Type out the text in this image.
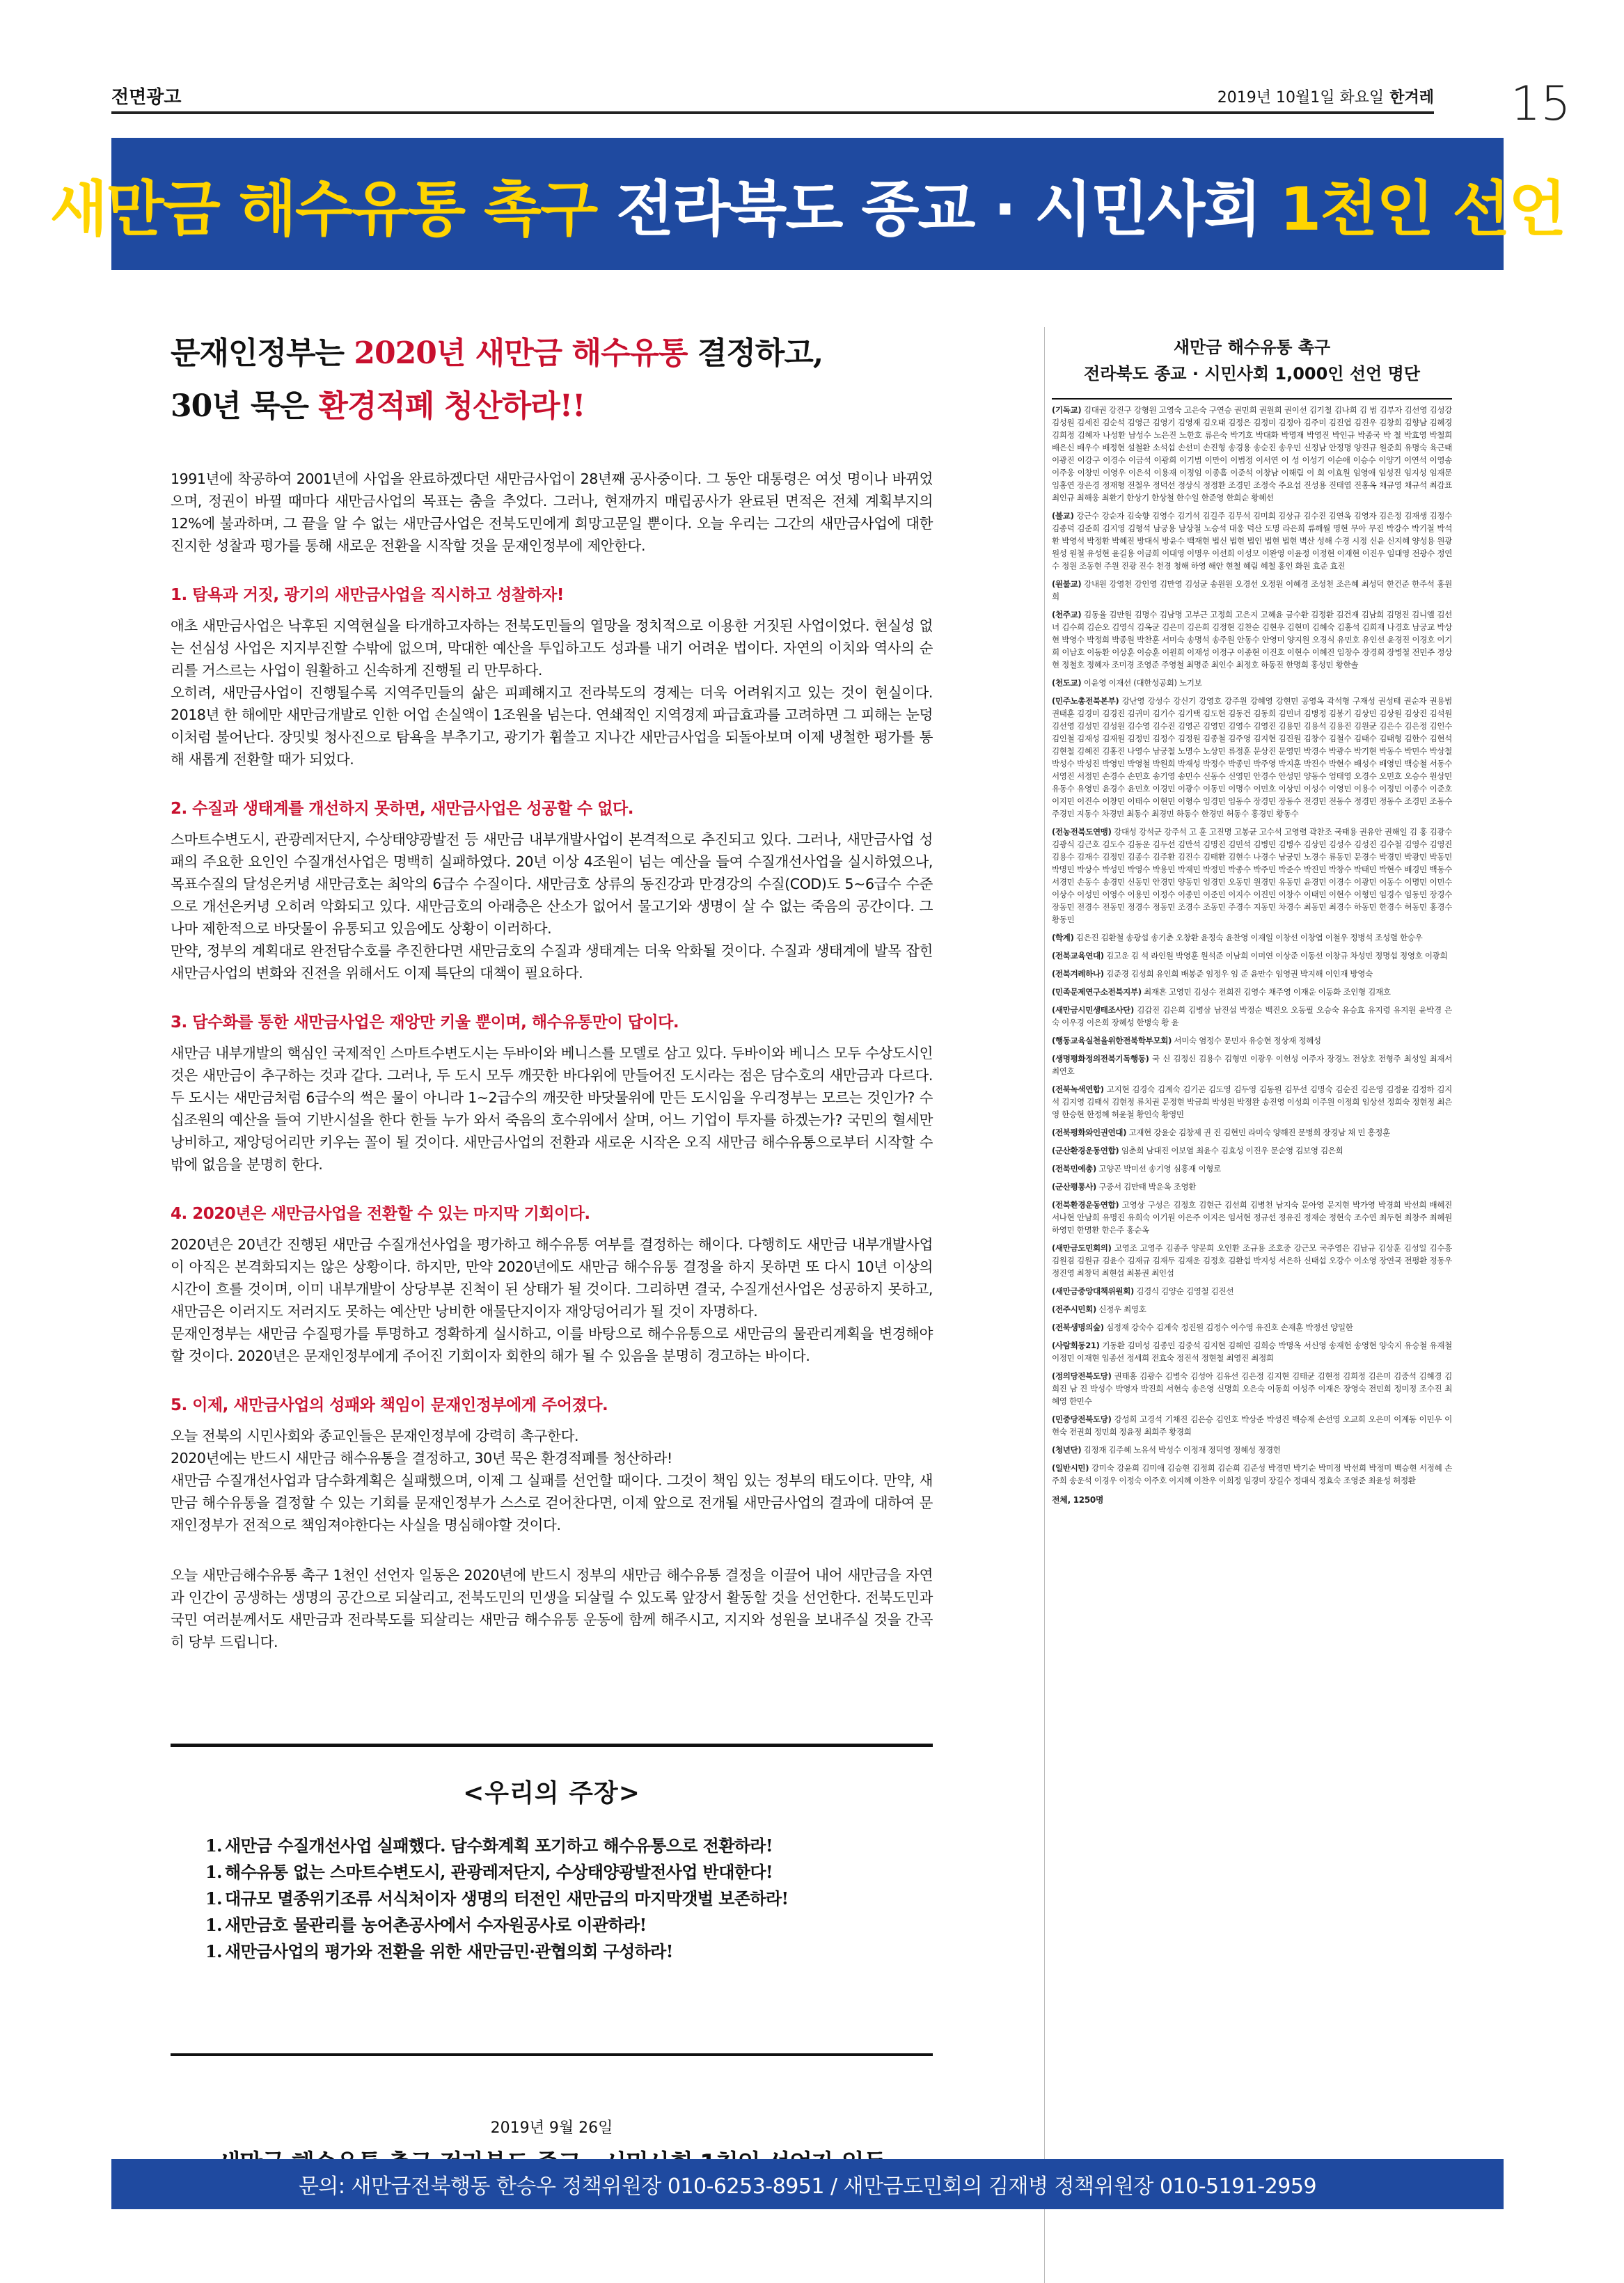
전면광고	2019년 10월1일 화요일 한겨레 15
새만금 해수유통 촉구 전라북도 종교 · 시민사회 1천인 선언
문재인정부는 2020년 새만금 해수유통 결정하고,
30년 묵은 환경적폐 청산하라!!
1991년에 착공하여 2001년에 사업을 완료하겠다던 새만금사업이 28년째 공사중이다. 그 동안 대통령은 여섯 명이나 바뀌었으며, 정권이 바뀔 때마다 새만금사업의 목표는 춤을 추었다. 그러나, 현재까지 매립공사가 완료된 면적은 전체 계획부지의 12%에 불과하며, 그 끝을 알 수 없는 새만금사업은 전북도민에게 희망고문일 뿐이다. 오늘 우리는 그간의 새만금사업에 대한 진지한 성찰과 평가를 통해 새로운 전환을 시작할 것을 문재인정부에 제안한다.
1. 탐욕과 거짓, 광기의 새만금사업을 직시하고 성찰하자!

애초 새만금사업은 낙후된 지역현실을 타개하고자하는 전북도민들의 열망을 정치적으로 이용한 거짓된 사업이었다. 현실성 없는 선심성 사업은 지지부진할 수밖에 없으며, 막대한 예산을 투입하고도 성과를 내기 어려운 법이다. 자연의 이치와 역사의 순리를 거스르는 사업이 원활하고 신속하게 진행될 리 만무하다.

오히려, 새만금사업이 진행될수록 지역주민들의 삶은 피폐해지고 전라북도의 경제는 더욱 어려워지고 있는 것이 현실이다. 2018년 한 해에만 새만금개발로 인한 어업 손실액이 1조원을 넘는다. 연쇄적인 지역경제 파급효과를 고려하면 그 피해는 눈덩이처럼 불어난다. 장밋빛 청사진으로 탐욕을 부추기고, 광기가 휩쓸고 지나간 새만금사업을 되돌아보며 이제 냉철한 평가를 통해 새롭게 전환할 때가 되었다.

2. 수질과 생태계를 개선하지 못하면, 새만금사업은 성공할 수 없다.

스마트수변도시, 관광레저단지, 수상태양광발전 등 새만금 내부개발사업이 본격적으로 추진되고 있다. 그러나, 새만금사업 성패의 주요한 요인인 수질개선사업은 명백히 실패하였다. 20년 이상 4조원이 넘는 예산을 들여 수질개선사업을 실시하였으나, 목표수질의 달성은커녕 새만금호는 최악의 6급수 수질이다. 새만금호 상류의 동진강과 만경강의 수질(COD)도 5~6급수 수준으로 개선은커녕 오히려 악화되고 있다. 새만금호의 아래층은 산소가 없어서 물고기와 생명이 살 수 없는 죽음의 공간이다. 그나마 제한적으로 바닷물이 유통되고 있음에도 상황이 이러하다.

만약, 정부의 계획대로 완전담수호를 추진한다면 새만금호의 수질과 생태계는 더욱 악화될 것이다. 수질과 생태계에 발목 잡힌 새만금사업의 변화와 진전을 위해서도 이제 특단의 대책이 필요하다.

3. 담수화를 통한 새만금사업은 재앙만 키울 뿐이며, 해수유통만이 답이다.

새만금 내부개발의 핵심인 국제적인 스마트수변도시는 두바이와 베니스를 모델로 삼고 있다. 두바이와 베니스 모두 수상도시인 것은 새만금이 추구하는 것과 같다. 그러나, 두 도시 모두 깨끗한 바다위에 만들어진 도시라는 점은 담수호의 새만금과 다르다. 두 도시는 새만금처럼 6급수의 썩은 물이 아니라 1~2급수의 깨끗한 바닷물위에 만든 도시임을 우리정부는 모르는 것인가? 수십조원의 예산을 들여 기반시설을 한다 한들 누가 와서 죽음의 호수위에서 살며, 어느 기업이 투자를 하겠는가? 국민의 혈세만 낭비하고, 재앙덩어리만 키우는 꼴이 될 것이다. 새만금사업의 전환과 새로운 시작은 오직 새만금 해수유통으로부터 시작할 수밖에 없음을 분명히 한다.

4. 2020년은 새만금사업을 전환할 수 있는 마지막 기회이다.

2020년은 20년간 진행된 새만금 수질개선사업을 평가하고 해수유통 여부를 결정하는 해이다. 다행히도 새만금 내부개발사업이 아직은 본격화되지는 않은 상황이다. 하지만, 만약 2020년에도 새만금 해수유통 결정을 하지 못하면 또 다시 10년 이상의 시간이 흐를 것이며, 이미 내부개발이 상당부분 진척이 된 상태가 될 것이다. 그리하면 결국, 수질개선사업은 성공하지 못하고, 새만금은 이러지도 저러지도 못하는 예산만 낭비한 애물단지이자 재앙덩어리가 될 것이 자명하다.

문재인정부는 새만금 수질평가를 투명하고 정확하게 실시하고, 이를 바탕으로 해수유통으로 새만금의 물관리계획을 변경해야 할 것이다. 2020년은 문재인정부에게 주어진 기회이자 회한의 해가 될 수 있음을 분명히 경고하는 바이다.

5. 이제, 새만금사업의 성패와 책임이 문재인정부에게 주어졌다.

오늘 전북의 시민사회와 종교인들은 문재인정부에 강력히 촉구한다.

2020년에는 반드시 새만금 해수유통을 결정하고, 30년 묵은 환경적폐를 청산하라!

새만금 수질개선사업과 담수화계획은 실패했으며, 이제 그 실패를 선언할 때이다. 그것이 책임 있는 정부의 태도이다. 만약, 새만금 해수유통을 결정할 수 있는 기회를 문재인정부가 스스로 걷어찬다면, 이제 앞으로 전개될 새만금사업의 결과에 대하여 문재인정부가 전적으로 책임져야한다는 사실을 명심해야할 것이다.

오늘 새만금해수유통 촉구 1천인 선언자 일동은 2020년에 반드시 정부의 새만금 해수유통 결정을 이끌어 내어 새만금을 자연과 인간이 공생하는 생명의 공간으로 되살리고, 전북도민의 민생을 되살릴 수 있도록 앞장서 활동할 것을 선언한다. 전북도민과 국민 여러분께서도 새만금과 전라북도를 되살리는 새만금 해수유통 운동에 함께 해주시고, 지지와 성원을 보내주실 것을 간곡히 당부 드립니다.
<우리의 주장>
1. 새만금 수질개선사업 실패했다. 담수화계획 포기하고 해수유통으로 전환하라!
1. 해수유통 없는 스마트수변도시, 관광레저단지, 수상태양광발전사업 반대한다!
1. 대규모 멸종위기조류 서식처이자 생명의 터전인 새만금의 마지막갯벌 보존하라!
1. 새만금호 물관리를 농어촌공사에서 수자원공사로 이관하라!
1. 새만금사업의 평가와 전환을 위한 새만금민·관협의회 구성하라!
2019년 9월 26일
새만금 해수유통 촉구
전라북도 종교 · 시민사회 1,000인 선언 명단

(기독교) 김대권 강진구 강형원 고영숙 고은숙 구연승 권민희 권원희 권이선 김기철 김나희 김 범 김부자 김선영 김성강 김성원 김세진 김순석 김영근 김영기 김영재 김오태 김정은 김정미 김정아 김주미 김진엽 김진우 김창희 김향남 김혜경 김희정 김혜자 나성환 남성수 노은진 노한호 류은숙 박기호 박대화 박명재 박영진 박인규 박종국 박 철 박효영 박철희 배은신 배우수 배정현 설철환 소석섭 손선미 손진형 송경용 송순진 송우민 신정남 안정명 양진규 원준희 유명숙 육근태 이광진 이강구 이경수 이금석 이광희 이기범 이만이 이범정 이서연 이 성 이성기 이순애 이승수 이양기 이연석 이영송 이주웅 이창민 이영우 이은석 이용재 이정임 이종흠 이준석 이창남 이해림 이 희 이효원 임영애 임성진 임지성 임재문 임홍연 장은경 정재형 전철우 정덕선 정상식 정정환 조경민 조정숙 주요섭 진성용 진태엽 진홍옥 채규영 채규석 최갑표 최인규 최해웅 최환기 한상기 한상철 한수일 한준영 한희순 황혜선

(불교) 강근수 강순자 김숙향 김영수 김기석 김길주 김무석 김미희 김상규 김수진 김연옥 김영자 김은정 김재생 김정수 김종덕 김준희 김지영 김형석 남궁용 남상철 노승석 대웅 덕산 도명 라은희 류해월 명현 무아 무진 박강수 박기철 박석환 박영석 박정환 박혜진 방대식 방윤수 백재현 법신 법현 법인 법현 법현 벽산 성해 수경 시정 신윤 신지혜 양성용 원광 원성 원철 유성현 윤길용 이금희 이대영 이명우 이선희 이성모 이완영 이윤정 이정현 이재현 이진우 임대영 전광수 정연수 정원 조동현 주원 진광 진수 천경 청해 하영 해안 현철 혜림 혜철 홍인 화원 효준 효진

(원불교) 강내원 강영천 강인영 김만영 김성균 송원원 오경선 오정원 이혜경 조성천 조은혜 최성덕 한건준 한주석 홍원희

(천주교) 김동율 김만원 김명수 김남명 고부근 고정희 고은지 고혜윤 금수환 김정환 김건재 김남희 김명진 김니엘 김선녀 김수희 김순오 김영식 김옥균 김은미 김은희 김정현 김찬순 김현우 김현미 김혜숙 김홍석 김희재 나경호 남궁교 박상현 박영수 박정희 박종원 박찬훈 서미숙 송명석 송주원 안동수 안영미 양지원 오경식 유민호 유인선 윤경진 이경호 이기희 이남호 이동환 이상훈 이승훈 이원희 이재성 이정구 이종현 이진호 이현수 이혜진 임창수 장경희 장병철 전민주 정상현 정철호 정혜자 조미경 조영준 주영철 최명준 최인수 최정호 하동진 한명희 홍성민 황한솔

(천도교) 이윤영 이재선 (대한성공회) 노기보

(민주노총전북본부) 강난영 강성수 강신기 강영호 강주원 강혜영 강현민 공영옥 곽석형 구재성 권성태 권순자 권용범 권태훈 김경미 김경진 김귀미 김기수 김기택 김도헌 김동건 김동희 김민녀 김병정 김봉기 김상민 김상원 김상진 김석원 김선영 김성민 김성원 김수영 김수진 김영곤 김영민 김영수 김영진 김용민 김용석 김용진 김원균 김은수 김은정 김인수 김인철 김재성 김재원 김정민 김정수 김정원 김종철 김주영 김지현 김진원 김창수 김철수 김태수 김태형 김한수 김현석 김현철 김혜진 김홍진 나영수 남궁철 노명수 노상민 류정훈 문상진 문영민 박경수 박광수 박기현 박동수 박민수 박상철 박성수 박성진 박영민 박영철 박원희 박재성 박정수 박종민 박주영 박지훈 박진수 박현수 배성수 배영민 백승철 서동수 서영진 서정민 손경수 손민호 송기영 송민수 신동수 신영민 안경수 안성민 양동수 엄태영 오경수 오민호 오승수 원상민 유동수 유영민 윤경수 윤민호 이경민 이광수 이동민 이명수 이민호 이상민 이성수 이영민 이용수 이정민 이종수 이준호 이지민 이진수 이창민 이태수 이현민 이형수 임경민 임동수 장경민 장동수 전경민 전동수 정경민 정동수 조경민 조동수 주경민 지동수 차경민 최동수 최경민 하동수 한경민 허동수 홍경민 황동수

(전농전북도연맹) 강대성 강석군 강주석 고 훈 고진명 고봉균 고수석 고영렬 곽찬조 국태용 권유안 권해일 김 홍 김광수 김광식 김근호 김도수 김동운 김두선 김만석 김명진 김민석 김병민 김병수 김상민 김성수 김성진 김수철 김영수 김영진 김용수 김재수 김정민 김종수 김주환 김진수 김태환 김현수 나경수 남궁민 노경수 류동민 문경수 박경민 박광민 박동민 박명민 박상수 박성민 박영수 박용민 박재민 박정민 박종수 박주민 박준수 박진민 박창수 박태민 박현수 배경민 백동수 서경민 손동수 송경민 신동민 안경민 양동민 엄경민 오동민 원경민 유동민 윤경민 이경수 이광민 이동수 이명민 이민수 이상수 이성민 이영수 이용민 이정수 이종민 이준민 이지수 이진민 이창수 이태민 이현수 이형민 임경수 임동민 장경수 장동민 전경수 전동민 정경수 정동민 조경수 조동민 주경수 지동민 차경수 최동민 최경수 하동민 한경수 허동민 홍경수 황동민

(학계) 김은진 김환철 송광섭 송기춘 오창환 윤정숙 윤찬영 이재일 이창선 이창엽 이철우 정병석 조성렬 한승우

(전북교육연대) 김고운 김 석 라인원 박영훈 원석준 이남희 이미연 이상준 이동선 이창규 차성민 정명섭 정영호 이광희

(전북겨레하나) 김준경 김성희 유인희 배봉준 임정우 임 준 윤만수 임영권 박지해 이인재 방영숙

(민족문제연구소전북지부) 최재흔 고영민 김성수 전희진 김영수 채주영 이재운 이동화 조인형 김재호

(새만금시민생태조사단) 김갑진 김은희 김병삼 남진섭 박정순 백진오 오동필 오승숙 유승효 유지령 유지원 윤박경 은 숙 이우경 이은희 장혜성 한병숙 황 윤

(행동교육실천을위한전북학부모회) 서미숙 염정수 문민자 유승현 정상재 정혜성

(생명평화정의전북기독행동) 국 신 김정신 김용수 김형민 이광우 이헌성 이주자 장경노 전상호 전형주 최성일 최재서 최연호

(전북녹색연합) 고지현 김경숙 김계숙 김기곤 김도영 김두영 김동원 김무선 김명숙 김순진 김은영 김정윤 김정하 김지석 김지영 김태식 김현정 류치권 문정현 박금희 박성원 박정완 송진영 이성희 이주원 이정희 임상선 정희숙 정현정 최은영 한승현 한정혜 허윤철 황인숙 황영민

(전북평화와인권연대) 고재현 강윤순 김창제 권 진 김현민 라미숙 양해진 문병희 장경남 채 민 홍정훈

(군산환경운동연합) 임춘희 남대진 이보열 최윤수 김효성 이진우 문순영 김보영 김은희

(전북민예총) 고양곤 박미선 송기영 심홍재 이형로

(군산평통사) 구중서 김만태 박운옥 조영환

(전북환경운동연합) 고영상 구성은 김정호 김현근 김선희 김병천 남지숙 문아영 문지현 박가영 박경희 박선희 배혜진 서나현 안남희 유명진 유희숙 이기원 이은주 이지은 임서현 정규선 정유진 정재순 정현숙 조수연 최두현 최창주 최혜원 하영민 한명환 한은주 홍순옥

(새만금도민회의) 고영조 고영주 김종주 양문희 오인환 조규용 조호중 강근모 국주영은 김남규 김상훈 김성일 김수흥 김원겸 김원규 김윤수 김재규 김재두 김재운 김정호 김환섭 박지성 서은하 신태섭 오강수 이소영 장연국 전평환 정동우 정진영 최창덕 최현섭 최봉권 최인섭

(새만금중앙대책위원회) 김경식 김양순 김영철 김진선

(전주시민회) 신정우 최영호

(전북생명의숲) 심정재 강숙수 김계숙 정진원 김정수 이수영 유진호 손재훈 박정선 양일한

(사람회동21) 기동환 김미성 김종민 김중석 김지현 김해연 김희승 박명옥 서신영 송재헌 송영현 양숙지 유승철 유재철 이정민 이재현 임종선 정세희 전효숙 정진석 정현철 최영진 최정희

(정의당전북도당) 권태홍 김광수 김병숙 김성아 김유선 김은정 김지현 김태균 김현정 김희정 김은미 김중석 김혜경 김희진 남 진 박성수 박영자 박진희 서현숙 송은영 신명희 오은숙 이동희 이성주 이재은 장영숙 전민희 정미정 조수진 최혜영 한민수

(민중당전북도당) 강성희 고경석 기채진 김은승 김인호 박상준 박성진 백승재 손선영 오교희 오은미 이계동 이민우 이현숙 전권희 정민희 정윤정 최희주 황경희

(청년단) 김정재 김주혜 노유석 박성수 이정재 정덕영 정혜성 정경헌

(일반시민) 강미숙 강윤희 김미애 김승현 김정희 김순희 김준성 박경민 박기순 박미정 박선희 박정미 백승현 서정혜 손주희 송운석 이경우 이정숙 이주호 이지혜 이찬우 이희정 임경미 장길수 정대식 정효숙 조영준 최윤성 허정환

전체, 1250명
문의: 새만금전북행동 한승우 정책위원장 010-6253-8951 / 새만금도민회의 김재병 정책위원장 010-5191-2959
